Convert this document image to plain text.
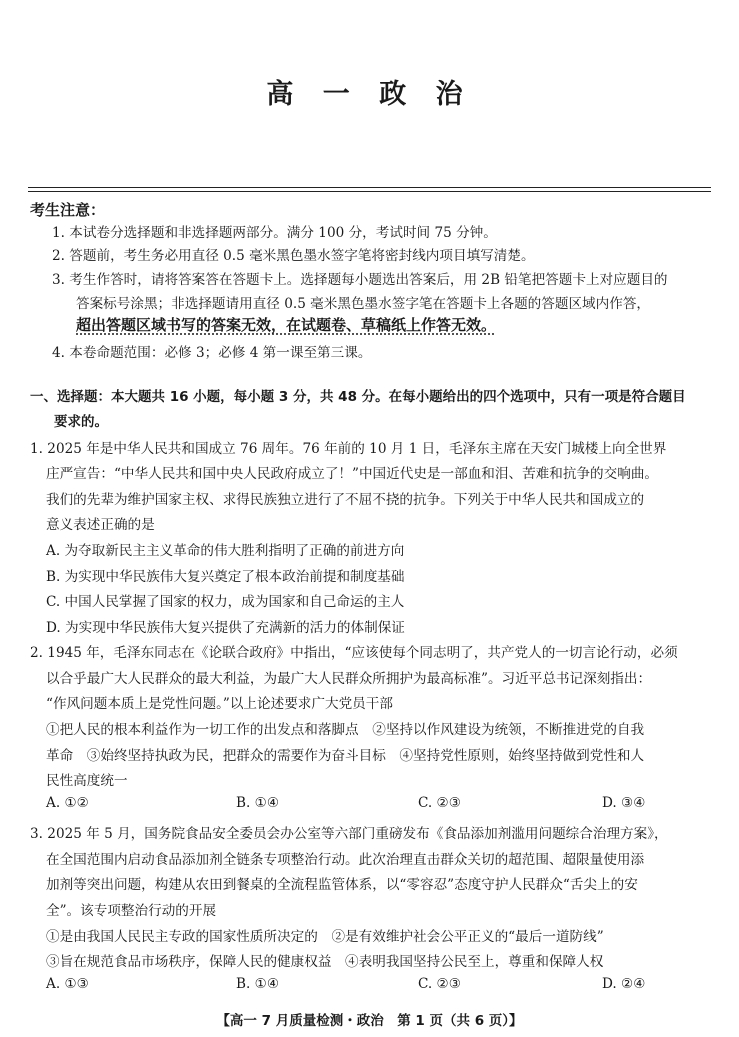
高 一 政 治
考生注意：
1. 本试卷分选择题和非选择题两部分。满分 100 分，考试时间 75 分钟。
2. 答题前，考生务必用直径 0.5 毫米黑色墨水签字笔将密封线内项目填写清楚。
3. 考生作答时，请将答案答在答题卡上。选择题每小题选出答案后，用 2B 铅笔把答题卡上对应题目的
答案标号涂黑；非选择题请用直径 0.5 毫米黑色墨水签字笔在答题卡上各题的答题区域内作答，
超出答题区域书写的答案无效，在试题卷、草稿纸上作答无效。
4. 本卷命题范围：必修 3；必修 4 第一课至第三课。
一、选择题：本大题共 16 小题，每小题 3 分，共 48 分。在每小题给出的四个选项中，只有一项是符合题目
要求的。
1. 2025 年是中华人民共和国成立 76 周年。76 年前的 10 月 1 日，毛泽东主席在天安门城楼上向全世界
庄严宣告：“中华人民共和国中央人民政府成立了！”中国近代史是一部血和泪、苦难和抗争的交响曲。
我们的先辈为维护国家主权、求得民族独立进行了不屈不挠的抗争。下列关于中华人民共和国成立的
意义表述正确的是
A. 为夺取新民主主义革命的伟大胜利指明了正确的前进方向
B. 为实现中华民族伟大复兴奠定了根本政治前提和制度基础
C. 中国人民掌握了国家的权力，成为国家和自己命运的主人
D. 为实现中华民族伟大复兴提供了充满新的活力的体制保证
2. 1945 年，毛泽东同志在《论联合政府》中指出，“应该使每个同志明了，共产党人的一切言论行动，必须
以合乎最广大人民群众的最大利益，为最广大人民群众所拥护为最高标准”。习近平总书记深刻指出：
“作风问题本质上是党性问题。”以上论述要求广大党员干部
①把人民的根本利益作为一切工作的出发点和落脚点　②坚持以作风建设为统领，不断推进党的自我
革命　③始终坚持执政为民，把群众的需要作为奋斗目标　④坚持党性原则，始终坚持做到党性和人
民性高度统一
A. ①②	B. ①④	C. ②③	D. ③④
3. 2025 年 5 月，国务院食品安全委员会办公室等六部门重磅发布《食品添加剂滥用问题综合治理方案》，
在全国范围内启动食品添加剂全链条专项整治行动。此次治理直击群众关切的超范围、超限量使用添
加剂等突出问题，构建从农田到餐桌的全流程监管体系，以“零容忍”态度守护人民群众“舌尖上的安
全”。该专项整治行动的开展
①是由我国人民民主专政的国家性质所决定的　②是有效维护社会公平正义的“最后一道防线”
③旨在规范食品市场秩序，保障人民的健康权益　④表明我国坚持公民至上，尊重和保障人权
A. ①③	B. ①④	C. ②③	D. ②④
【高一 7 月质量检测・政治　第 1 页（共 6 页）】
